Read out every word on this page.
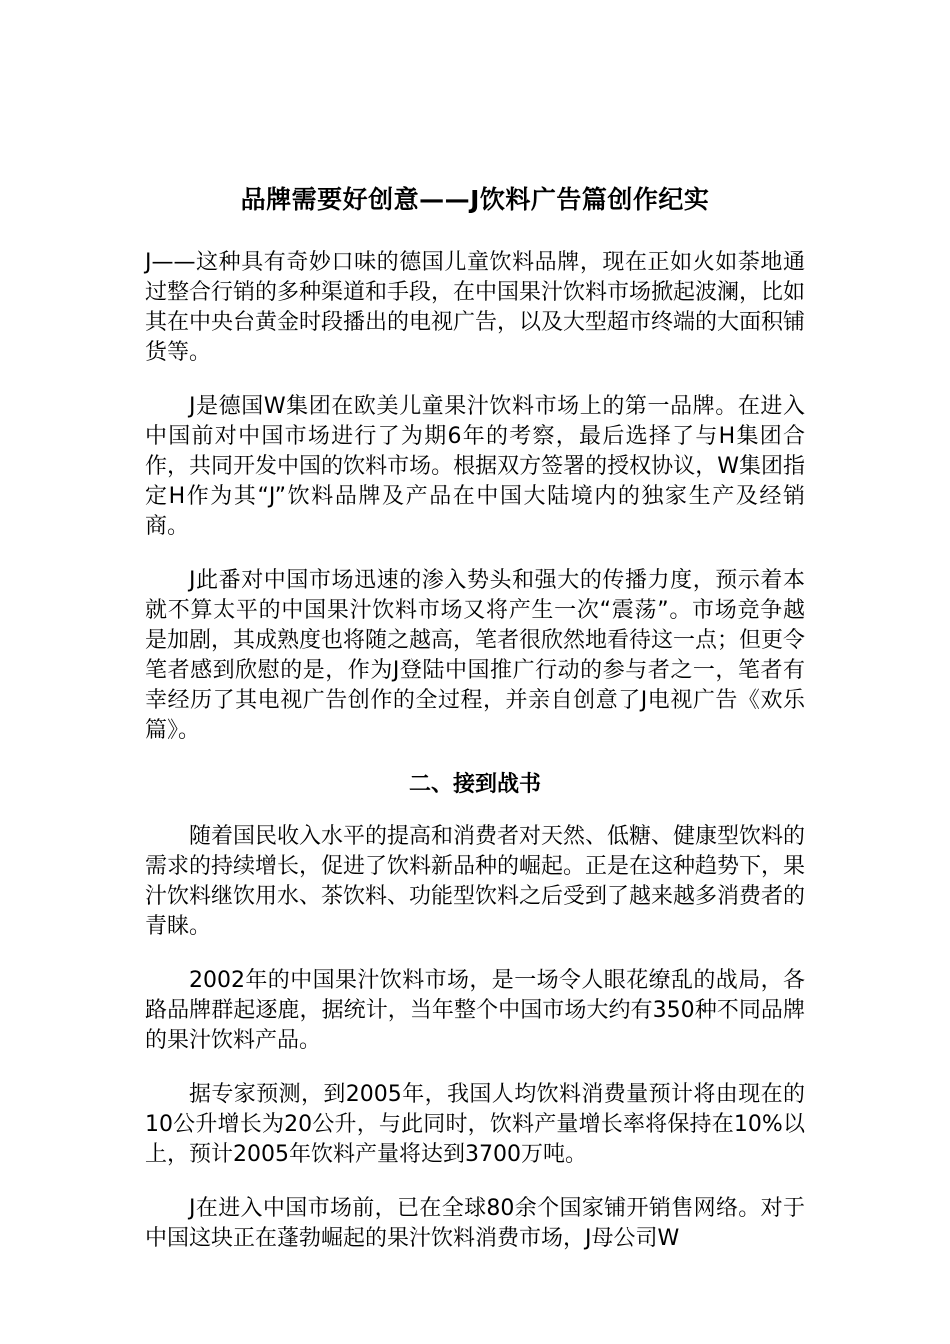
品牌需要好创意——J饮料广告篇创作纪实

J——这种具有奇妙口味的德国儿童饮料品牌，现在正如火如荼地通过整合行销的多种渠道和手段，在中国果汁饮料市场掀起波澜，比如其在中央台黄金时段播出的电视广告，以及大型超市终端的大面积铺货等。

J是德国W集团在欧美儿童果汁饮料市场上的第一品牌。在进入中国前对中国市场进行了为期6年的考察，最后选择了与H集团合作，共同开发中国的饮料市场。根据双方签署的授权协议，W集团指定H作为其“J”饮料品牌及产品在中国大陆境内的独家生产及经销商。

J此番对中国市场迅速的渗入势头和强大的传播力度，预示着本就不算太平的中国果汁饮料市场又将产生一次“震荡”。市场竞争越是加剧，其成熟度也将随之越高，笔者很欣然地看待这一点；但更令笔者感到欣慰的是，作为J登陆中国推广行动的参与者之一，笔者有幸经历了其电视广告创作的全过程，并亲自创意了J电视广告《欢乐篇》。

二、接到战书

随着国民收入水平的提高和消费者对天然、低糖、健康型饮料的需求的持续增长，促进了饮料新品种的崛起。正是在这种趋势下，果汁饮料继饮用水、茶饮料、功能型饮料之后受到了越来越多消费者的青睐。

2002年的中国果汁饮料市场，是一场令人眼花缭乱的战局，各路品牌群起逐鹿，据统计，当年整个中国市场大约有350种不同品牌的果汁饮料产品。

据专家预测，到2005年，我国人均饮料消费量预计将由现在的10公升增长为20公升，与此同时，饮料产量增长率将保持在10%以上，预计2005年饮料产量将达到3700万吨。

J在进入中国市场前，已在全球80余个国家铺开销售网络。对于中国这块正在蓬勃崛起的果汁饮料消费市场，J母公司W
